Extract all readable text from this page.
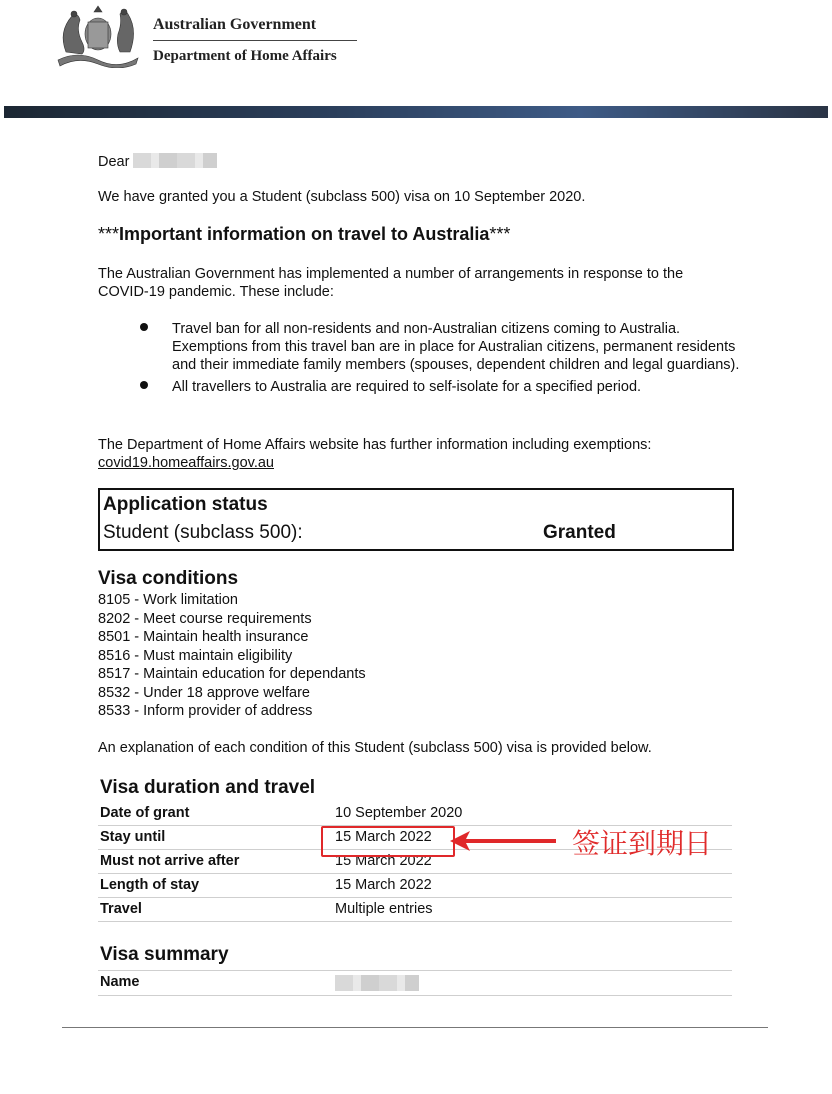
Australian Government
Department of Home Affairs
Dear
We have granted you a Student (subclass 500) visa on 10 September 2020.
***Important information on travel to Australia***
The Australian Government has implemented a number of arrangements in response to the
COVID-19 pandemic. These include:
Travel ban for all non-residents and non-Australian citizens coming to Australia. Exemptions from this travel ban are in place for Australian citizens, permanent residents and their immediate family members (spouses, dependent children and legal guardians).
All travellers to Australia are required to self-isolate for a specified period.
The Department of Home Affairs website has further information including exemptions:
covid19.homeaffairs.gov.au
Application status
Student (subclass 500):	Granted
Visa conditions
8105 - Work limitation
8202 - Meet course requirements
8501 - Maintain health insurance
8516 - Must maintain eligibility
8517 - Maintain education for dependants
8532 - Under 18 approve welfare
8533 - Inform provider of address
An explanation of each condition of this Student (subclass 500) visa is provided below.
Visa duration and travel
Date of grant	10 September 2020
Stay until	15 March 2022
Must not arrive after	15 March 2022
Length of stay	15 March 2022
Travel	Multiple entries
签证到期日
Visa summary
Name
